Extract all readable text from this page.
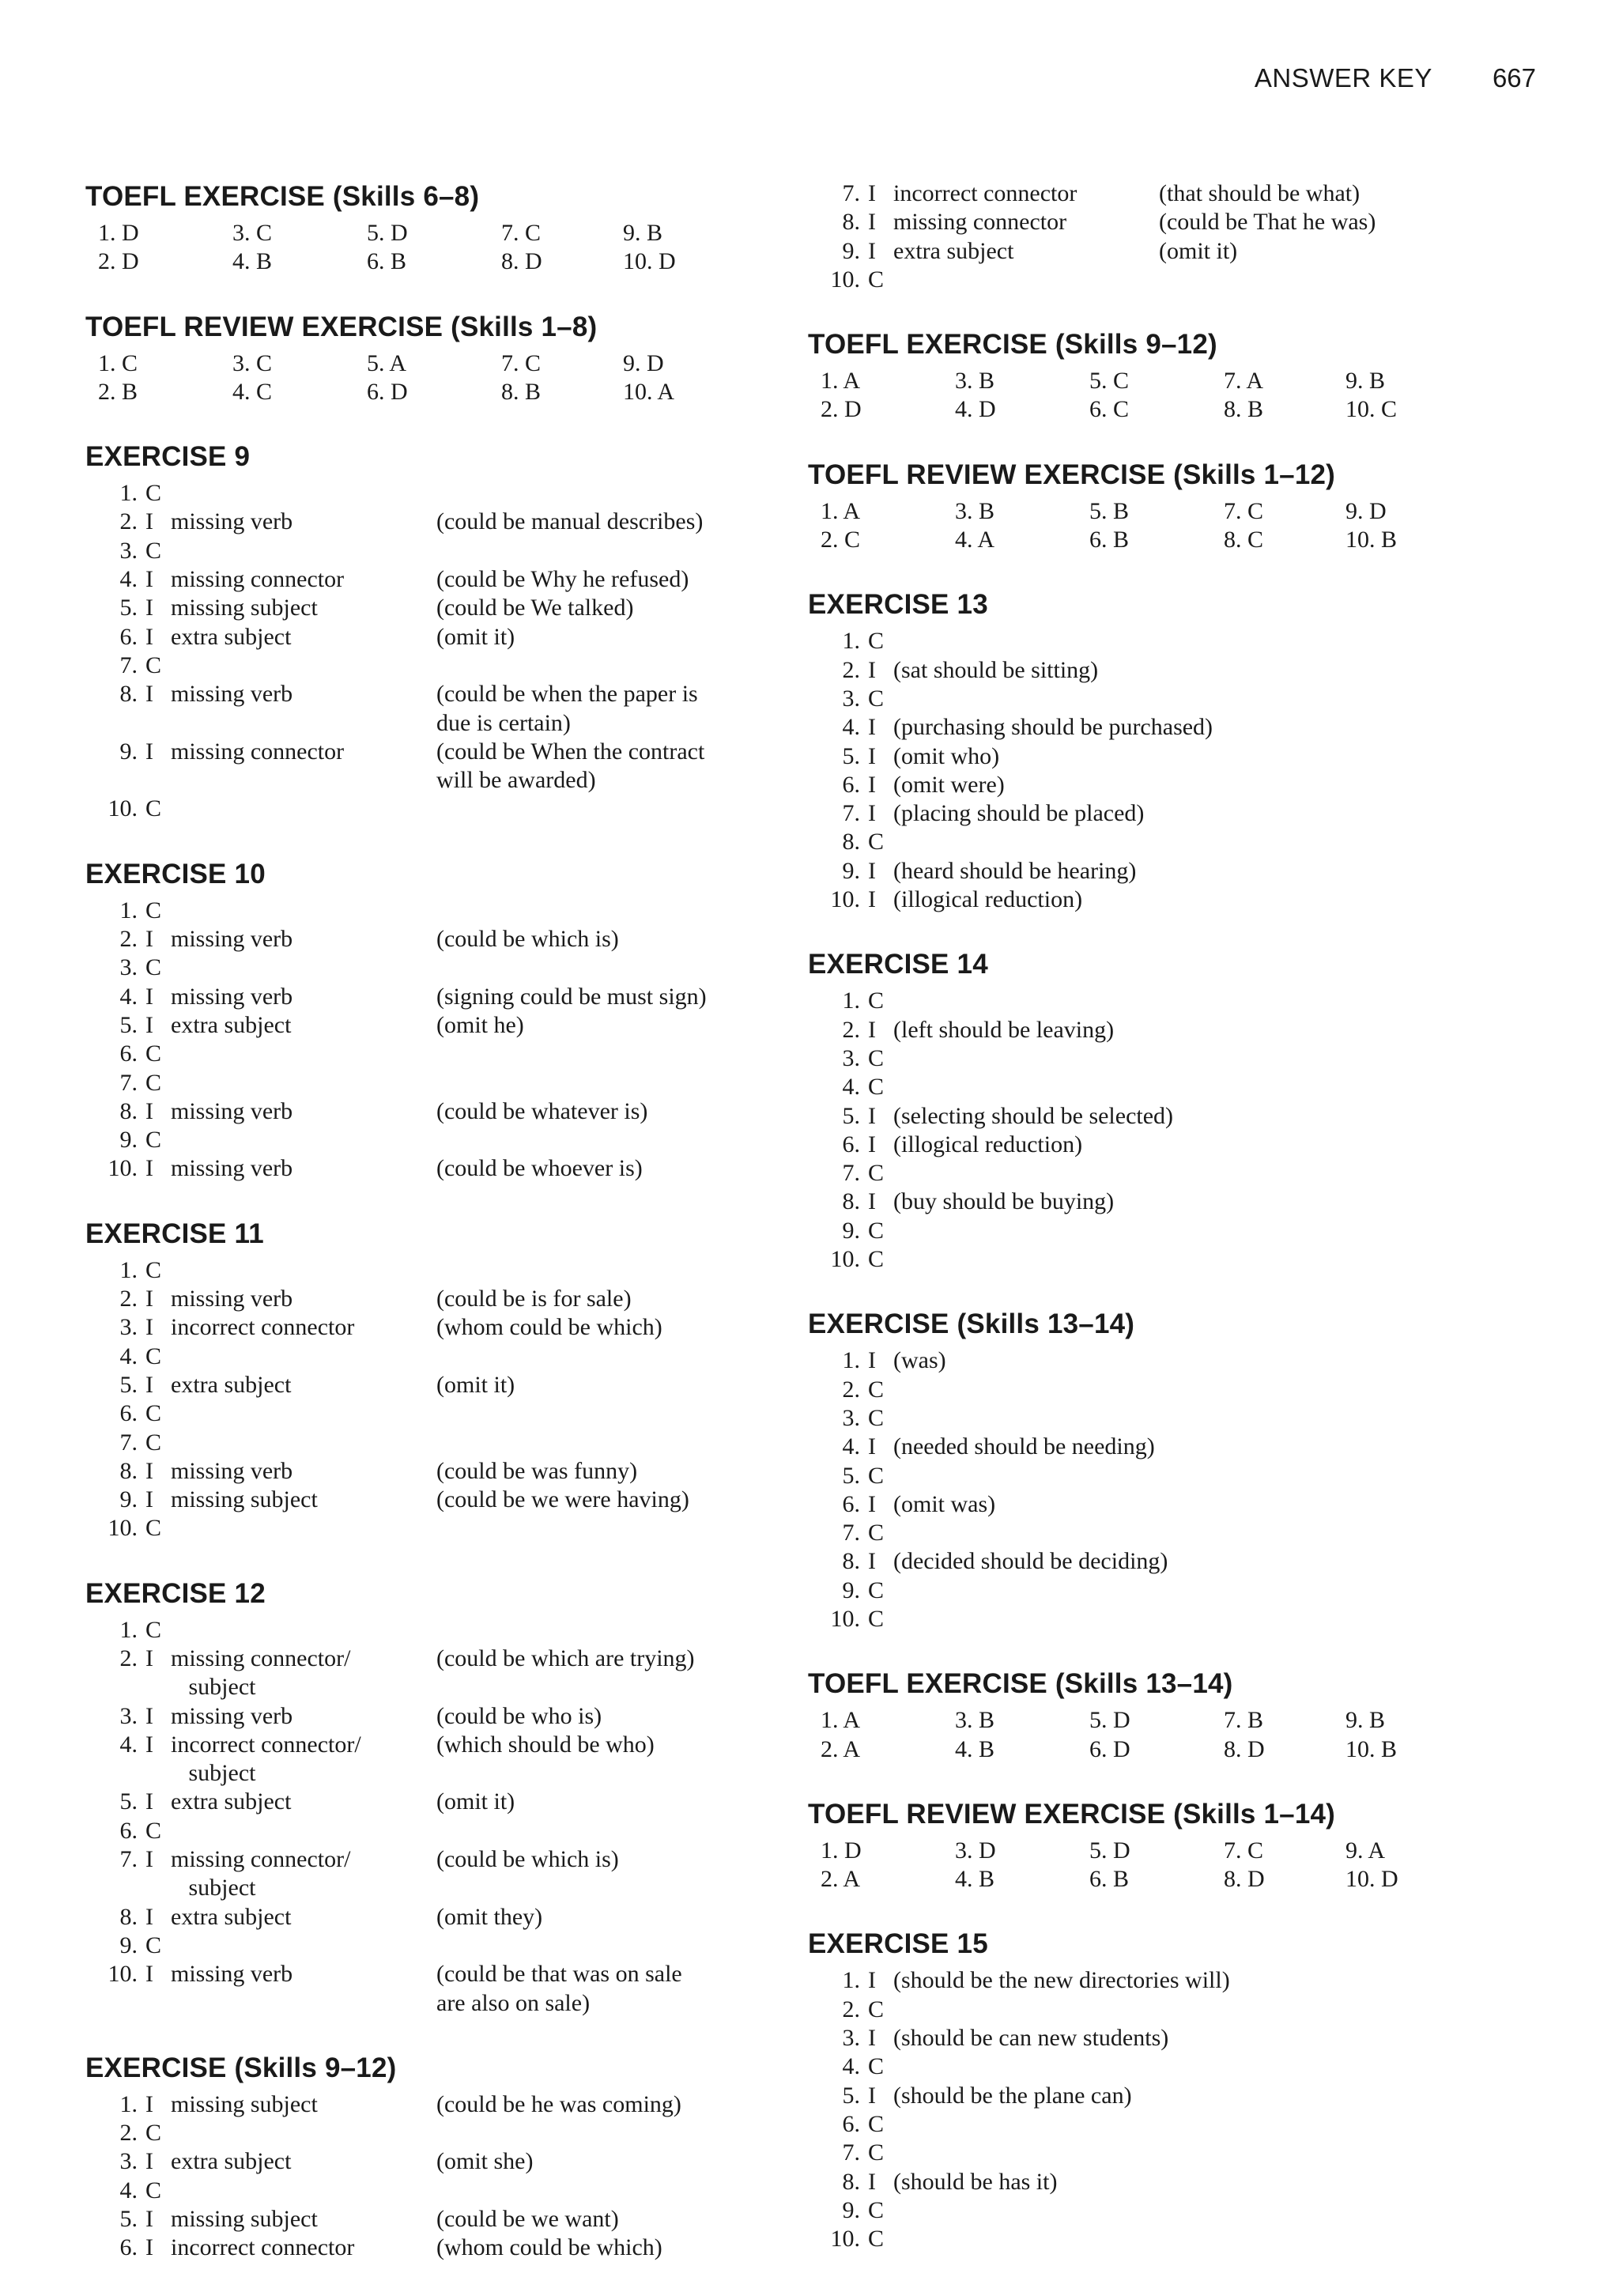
ANSWER KEY 667
TOEFL EXERCISE (Skills 6–8)
1. D	3. C	5. D	7. C	9. B
2. D	4. B	6. B	8. D	10. D
TOEFL REVIEW EXERCISE (Skills 1–8)
1. C	3. C	5. A	7. C	9. D
2. B	4. C	6. D	8. B	10. A
EXERCISE 9
1. C
2. I missing verb	(could be manual describes)
3. C
4. I missing connector	(could be Why he refused)
5. I missing subject	(could be We talked)
6. I extra subject	(omit it)
7. C
8. I missing verb	(could be when the paper is
due is certain)
9. I missing connector	(could be When the contract
will be awarded)
10. C
EXERCISE 10
1. C
2. I missing verb	(could be which is)
3. C
4. I missing verb	(signing could be must sign)
5. I extra subject	(omit he)
6. C
7. C
8. I missing verb	(could be whatever is)
9. C
10. I missing verb	(could be whoever is)
EXERCISE 11
1. C
2. I missing verb	(could be is for sale)
3. I incorrect connector	(whom could be which)
4. C
5. I extra subject	(omit it)
6. C
7. C
8. I missing verb	(could be was funny)
9. I missing subject	(could be we were having)
10. C
EXERCISE 12
1. C
2. I missing connector/	(could be which are trying)
subject
3. I missing verb	(could be who is)
4. I incorrect connector/	(which should be who)
subject
5. I extra subject	(omit it)
6. C
7. I missing connector/	(could be which is)
subject
8. I extra subject	(omit they)
9. C
10. I missing verb	(could be that was on sale
are also on sale)
EXERCISE (Skills 9–12)
1. I missing subject	(could be he was coming)
2. C
3. I extra subject	(omit she)
4. C
5. I missing subject	(could be we want)
6. I incorrect connector	(whom could be which)
7. I incorrect connector	(that should be what)
8. I missing connector	(could be That he was)
9. I extra subject	(omit it)
10. C
TOEFL EXERCISE (Skills 9–12)
1. A	3. B	5. C	7. A	9. B
2. D	4. D	6. C	8. B	10. C
TOEFL REVIEW EXERCISE (Skills 1–12)
1. A	3. B	5. B	7. C	9. D
2. C	4. A	6. B	8. C	10. B
EXERCISE 13
1. C
2. I (sat should be sitting)
3. C
4. I (purchasing should be purchased)
5. I (omit who)
6. I (omit were)
7. I (placing should be placed)
8. C
9. I (heard should be hearing)
10. I (illogical reduction)
EXERCISE 14
1. C
2. I (left should be leaving)
3. C
4. C
5. I (selecting should be selected)
6. I (illogical reduction)
7. C
8. I (buy should be buying)
9. C
10. C
EXERCISE (Skills 13–14)
1. I (was)
2. C
3. C
4. I (needed should be needing)
5. C
6. I (omit was)
7. C
8. I (decided should be deciding)
9. C
10. C
TOEFL EXERCISE (Skills 13–14)
1. A	3. B	5. D	7. B	9. B
2. A	4. B	6. D	8. D	10. B
TOEFL REVIEW EXERCISE (Skills 1–14)
1. D	3. D	5. D	7. C	9. A
2. A	4. B	6. B	8. D	10. D
EXERCISE 15
1. I (should be the new directories will)
2. C
3. I (should be can new students)
4. C
5. I (should be the plane can)
6. C
7. C
8. I (should be has it)
9. C
10. C
